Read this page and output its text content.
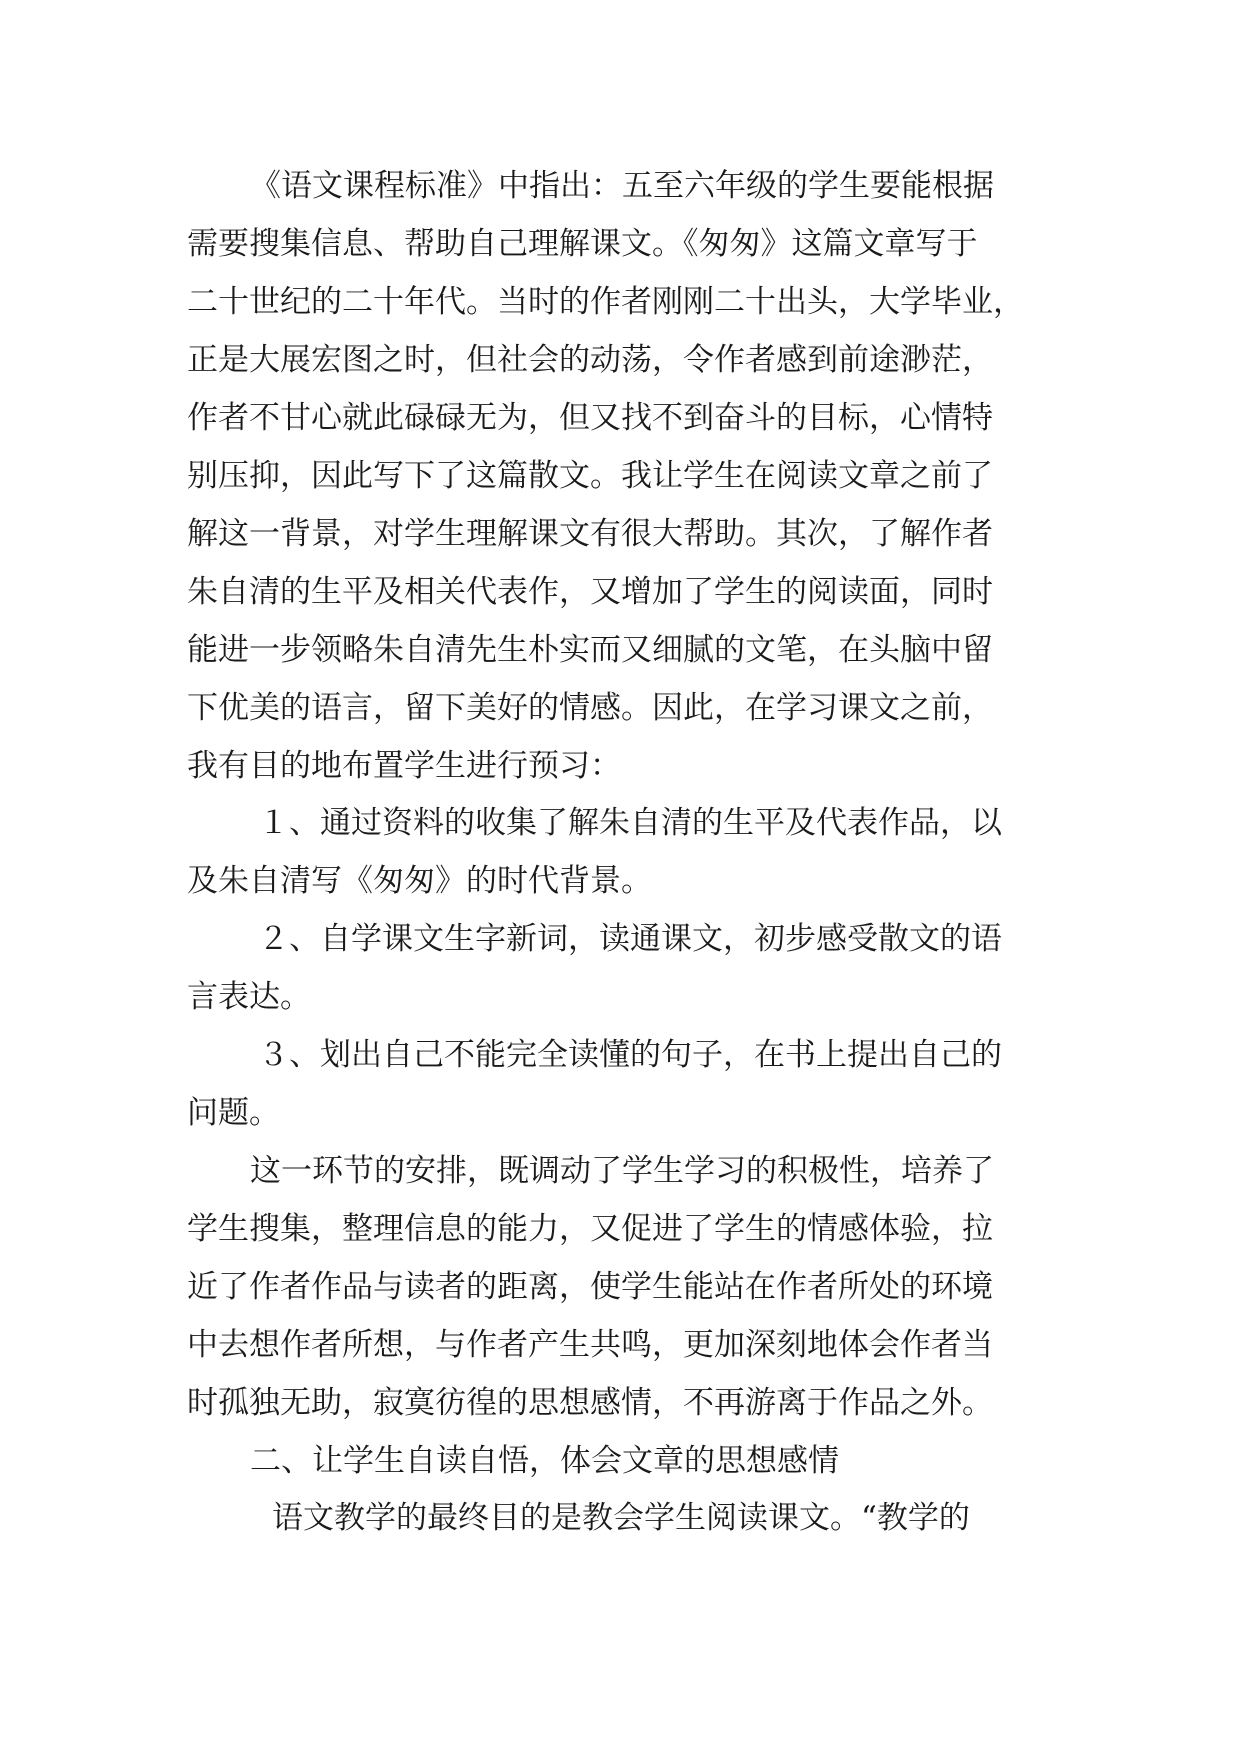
《语文课程标准》中指出：五至六年级的学生要能根据
需要搜集信息、帮助自己理解课文。《匆匆》这篇文章写于
二十世纪的二十年代。当时的作者刚刚二十出头，大学毕业，
正是大展宏图之时，但社会的动荡，令作者感到前途渺茫，
作者不甘心就此碌碌无为，但又找不到奋斗的目标，心情特
别压抑，因此写下了这篇散文。我让学生在阅读文章之前了
解这一背景，对学生理解课文有很大帮助。其次，了解作者
朱自清的生平及相关代表作，又增加了学生的阅读面，同时
能进一步领略朱自清先生朴实而又细腻的文笔，在头脑中留
下优美的语言，留下美好的情感。因此，在学习课文之前，
我有目的地布置学生进行预习：
１、通过资料的收集了解朱自清的生平及代表作品，以
及朱自清写《匆匆》的时代背景。
２、自学课文生字新词，读通课文，初步感受散文的语
言表达。
３、划出自己不能完全读懂的句子，在书上提出自己的
问题。
这一环节的安排，既调动了学生学习的积极性，培养了
学生搜集，整理信息的能力，又促进了学生的情感体验，拉
近了作者作品与读者的距离，使学生能站在作者所处的环境
中去想作者所想，与作者产生共鸣，更加深刻地体会作者当
时孤独无助，寂寞彷徨的思想感情，不再游离于作品之外。
二、让学生自读自悟，体会文章的思想感情
语文教学的最终目的是教会学生阅读课文。“教学的
